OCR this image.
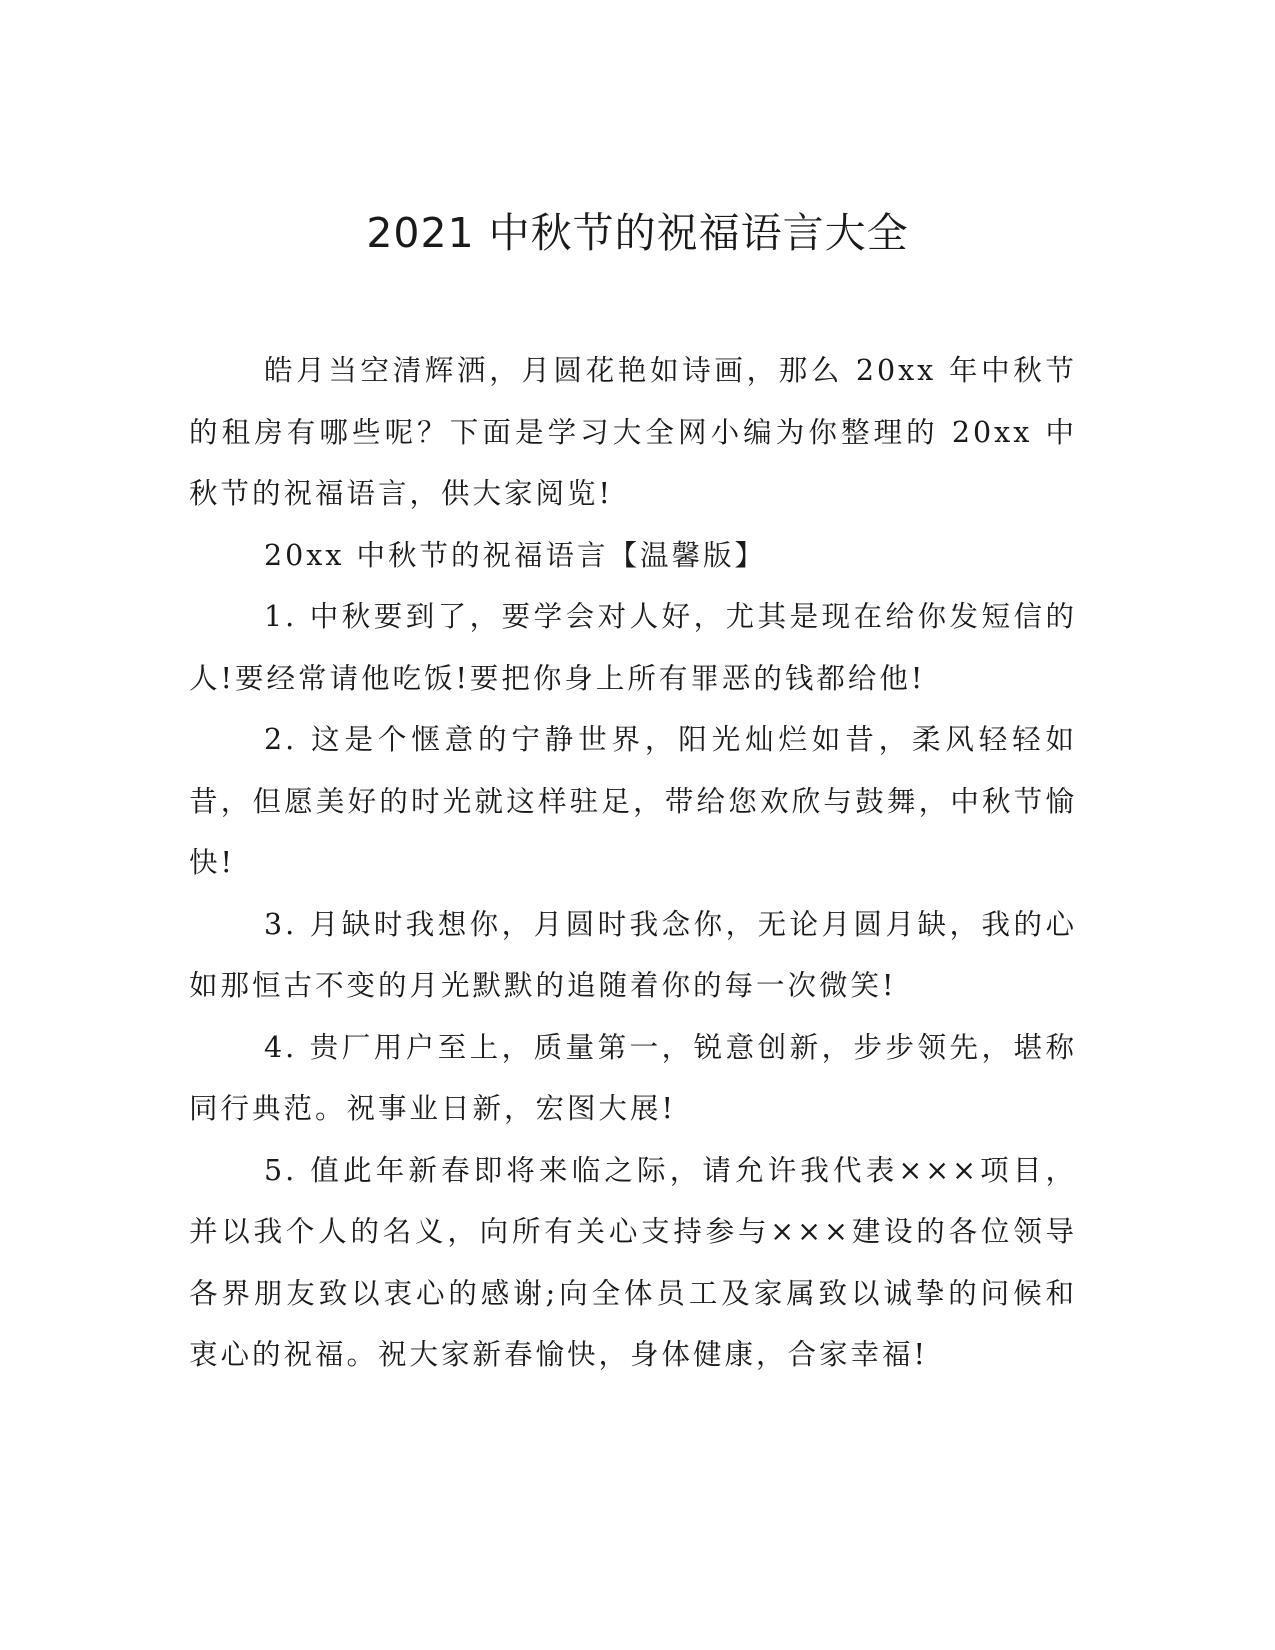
2021 中秋节的祝福语言大全

皓月当空清辉洒，月圆花艳如诗画，那么 20xx 年中秋节的租房有哪些呢？下面是学习大全网小编为你整理的 20xx 中秋节的祝福语言，供大家阅览!

20xx 中秋节的祝福语言【温馨版】

1. 中秋要到了，要学会对人好，尤其是现在给你发短信的人!要经常请他吃饭!要把你身上所有罪恶的钱都给他!

2. 这是个惬意的宁静世界，阳光灿烂如昔，柔风轻轻如昔，但愿美好的时光就这样驻足，带给您欢欣与鼓舞，中秋节愉快!

3. 月缺时我想你，月圆时我念你，无论月圆月缺，我的心如那恒古不变的月光默默的追随着你的每一次微笑!

4. 贵厂用户至上，质量第一，锐意创新，步步领先，堪称同行典范。祝事业日新，宏图大展!

5. 值此年新春即将来临之际，请允许我代表×××项目，并以我个人的名义，向所有关心支持参与×××建设的各位领导各界朋友致以衷心的感谢;向全体员工及家属致以诚挚的问候和衷心的祝福。祝大家新春愉快，身体健康，合家幸福!
